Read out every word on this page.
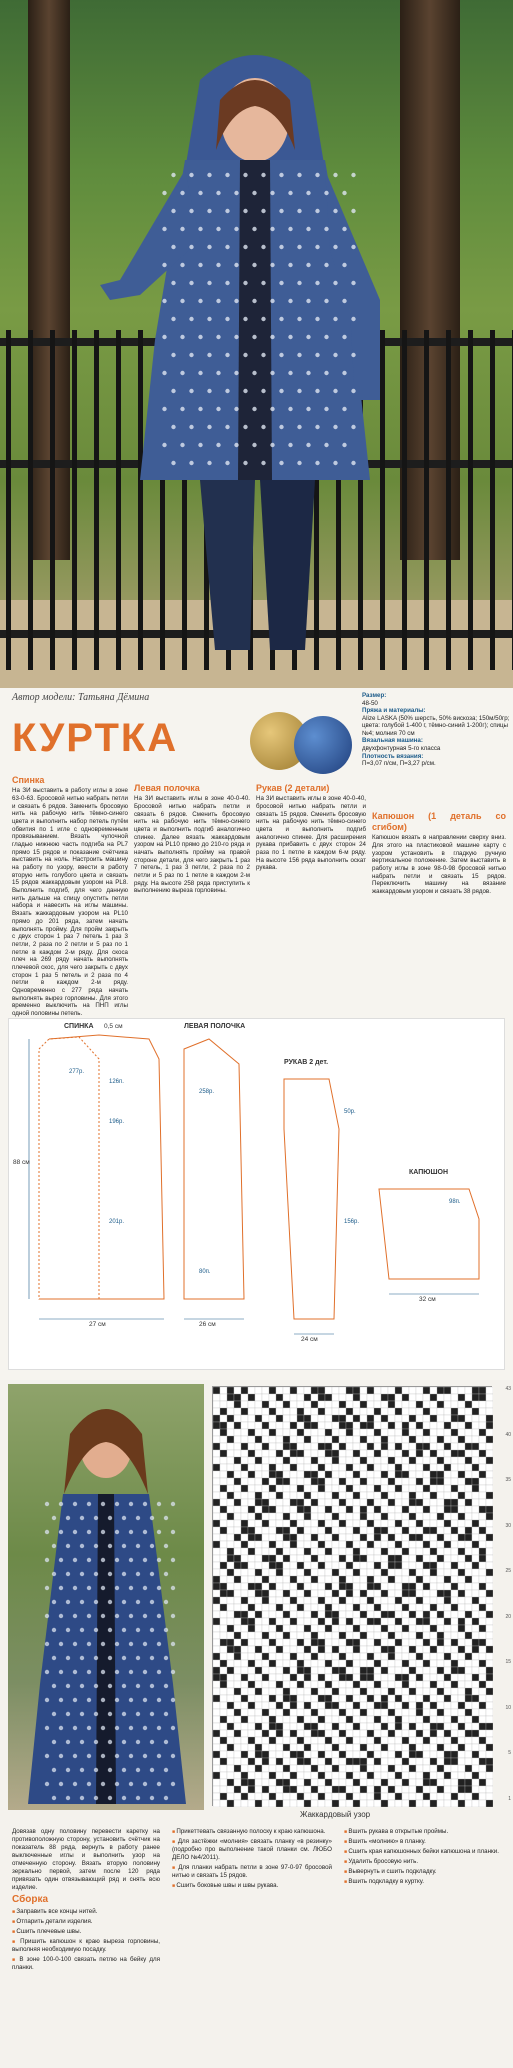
Автор модели: Татьяна Дёмина
КУРТКА
Размер:
48-50
Пряжа и материалы:
Alize LASKA (50% шерсть, 50% вискоза; 150м/50гр; цвета: голубой 1-400 г, тёмно-синий 1-200г); спицы №4; молния 70 см
Вязальная машина:
двухфонтурная 5-го класса
Плотность вязания:
П=3,07 п/см, П=3,27 р/см.
Спинка

На ЗИ выставить в работу иглы в зоне 63-0-63. Бросовой нитью набрать петли и связать 6 рядов. Заменить бросовую нить на рабочую нить тёмно-синего цвета и выполнить набор петель путём обвития по 1 игле с одновременным провязыванием. Вязать чулочной гладью нижнюю часть подгиба на PL7 прямо 15 рядов и показание счётчика выставить на ноль. Настроить машину на работу по узору, ввести в работу вторую нить голубого цвета и связать 15 рядов жаккардовым узором на PL8. Выполнить подгиб, для чего данную нить дальше на спицу опустить петли набора и навесить на иглы машины. Вязать жаккардовым узором на PL10 прямо до 201 ряда, затем начать выполнять пройму. Для пройм закрыть с двух сторон 1 раз 7 петель 1 раз 3 петли, 2 раза по 2 петли и 5 раз по 1 петле в каждом 2-м ряду. Для скоса плеч на 269 ряду начать выполнять плечевой скос, для чего закрыть с двух сторон 1 раз 5 петель и 2 раза по 4 петли в каждом 2-м ряду. Одновременно с 277 ряда начать выполнять вырез горловины. Для этого временно выключить на ПНП иглы одной половины петель.

Левая полочка

На ЗИ выставить иглы в зоне 40-0-40. Бросовой нитью набрать петли и связать 6 рядов. Сменить бросовую нить на рабочую нить тёмно-синего цвета и выполнить подгиб аналогично спинке. Далее вязать жаккардовым узором на PL10 прямо до 210-го ряда и начать выполнять пройму на правой стороне детали, для чего закрыть 1 раз 7 петель, 1 раз 3 петли, 2 раза по 2 петли и 5 раз по 1 петле в каждом 2-м ряду. На высоте 258 ряда приступить к выполнению выреза горловины.

Рукав (2 детали)

На ЗИ выставить иглы в зоне 40-0-40, бросовой нитью набрать петли и связать 15 рядов. Сменить бросовую нить на рабочую нить тёмно-синего цвета и выполнить подгиб аналогично спинке. Для расширения рукава прибавить с двух сторон 24 раза по 1 петле в каждом 6-м ряду. На высоте 156 ряда выполнить оскат рукава.

Капюшон (1 деталь со сгибом)

Капюшон вязать в направлении сверху вниз. Для этого на пластиковой машине карту с узором установить в гладкую ручную вертикальное положение. Затем выставить в работу иглы в зоне 98-0-98 бросовой нитью набрать петли и связать 15 рядов. Переключить машину на вязание жаккардовым узором и связать 38 рядов.

СПИНКА	ЛЕВАЯ ПОЛОЧКА
РУКАВ 2 дет.
КАПЮШОН
27 см	26 см
24 см
32 см
88 см
0,5 см
126п.
196р.
258р.
277р.
201р.
80п.
50р.
156р.
98п.
43
40
35
30
25
20
15
10
5
1
Жаккардовый узор

Довязав одну половину перевести каретку на противоположную сторону, установить счётчик на показатель 88 ряда, вернуть в работу ранее выключенные иглы и выполнить узор на отмеченную сторону. Вязать вторую половину зеркально первой, затем после 120 ряда привязать один отвязывающий ряд и снять всю изделие.

Сборка
■ Заправить все концы нитей.
■ Отпарить детали изделия.
■ Сшить плечевые швы.
■ Пришить капюшон к краю выреза горловины, выполняя необходимую посадку.
■ В зоне 100-0-100 связать петлю на бейку для планки.
■ Прикеттевать связанную полоску к краю капюшона.
■ Для застёжки «молния» связать планку «в резинку» (подробно про выполнение такой планки см. ЛЮБО ДЕЛО №4/2011).
■ Для планки набрать петли в зоне 97-0-97 бросовой нитью и связать 15 рядов.
■ Сшить боковые швы и швы рукава.
■ Вшить рукава в открытые проймы.
■ Вшить «молнию» в планку.
■ Сшить края капюшонных бейки капюшона и планки.
■ Удалить бросовую нить.
■ Вывернуть и сшить подкладку.
■ Вшить подкладку в куртку.
